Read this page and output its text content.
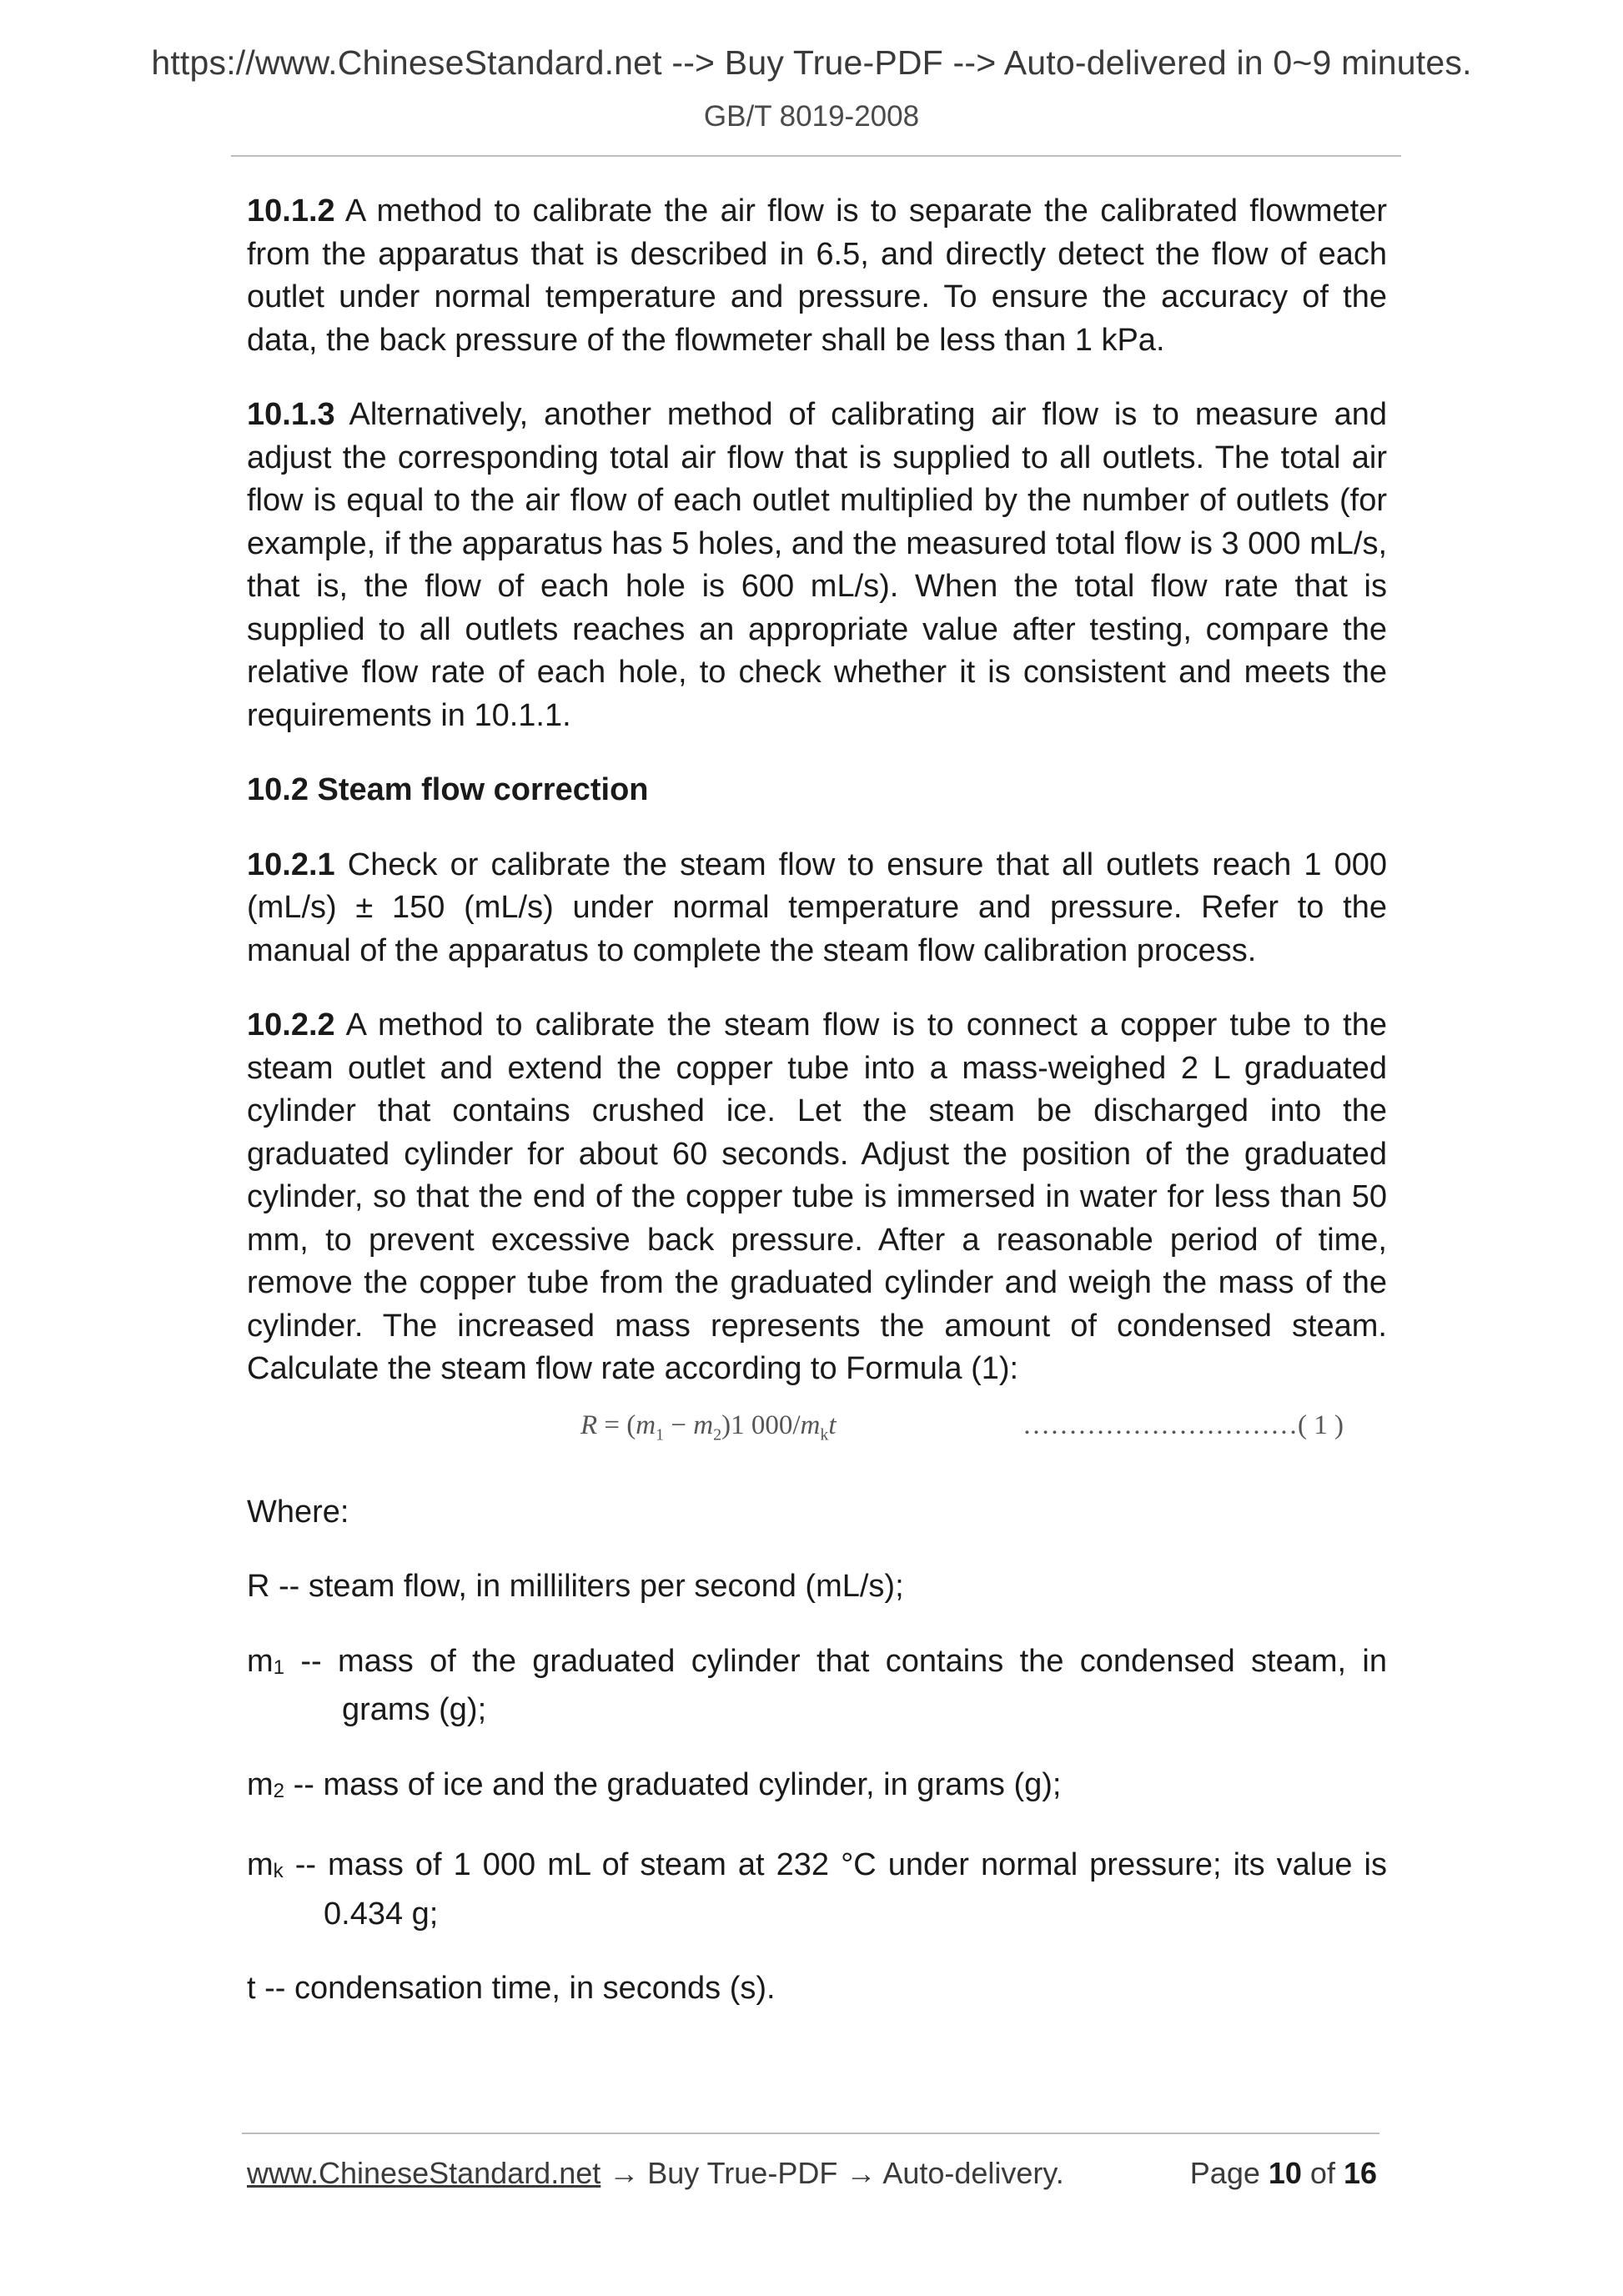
https://www.ChineseStandard.net --> Buy True-PDF --> Auto-delivered in 0~9 minutes.
GB/T 8019-2008

10.1.2 A method to calibrate the air flow is to separate the calibrated flowmeter from the apparatus that is described in 6.5, and directly detect the flow of each outlet under normal temperature and pressure. To ensure the accuracy of the data, the back pressure of the flowmeter shall be less than 1 kPa.

10.1.3 Alternatively, another method of calibrating air flow is to measure and adjust the corresponding total air flow that is supplied to all outlets. The total air flow is equal to the air flow of each outlet multiplied by the number of outlets (for example, if the apparatus has 5 holes, and the measured total flow is 3 000 mL/s, that is, the flow of each hole is 600 mL/s). When the total flow rate that is supplied to all outlets reaches an appropriate value after testing, compare the relative flow rate of each hole, to check whether it is consistent and meets the requirements in 10.1.1.

10.2 Steam flow correction

10.2.1 Check or calibrate the steam flow to ensure that all outlets reach 1 000 (mL/s) ± 150 (mL/s) under normal temperature and pressure. Refer to the manual of the apparatus to complete the steam flow calibration process.

10.2.2 A method to calibrate the steam flow is to connect a copper tube to the steam outlet and extend the copper tube into a mass-weighed 2 L graduated cylinder that contains crushed ice. Let the steam be discharged into the graduated cylinder for about 60 seconds. Adjust the position of the graduated cylinder, so that the end of the copper tube is immersed in water for less than 50 mm, to prevent excessive back pressure. After a reasonable period of time, remove the copper tube from the graduated cylinder and weigh the mass of the cylinder. The increased mass represents the amount of condensed steam. Calculate the steam flow rate according to Formula (1):

$R = (m_1 - m_2)1$ $000/m_kt$	…………………………( 1 )

Where:

R -- steam flow, in milliliters per second (mL/s);

m1 -- mass of the graduated cylinder that contains the condensed steam, in grams (g);

m2 -- mass of ice and the graduated cylinder, in grams (g);

mk -- mass of 1 000 mL of steam at 232 °C under normal pressure; its value is 0.434 g;

t -- condensation time, in seconds (s).

www.ChineseStandard.net → Buy True-PDF → Auto-delivery.	Page 10 of 16
